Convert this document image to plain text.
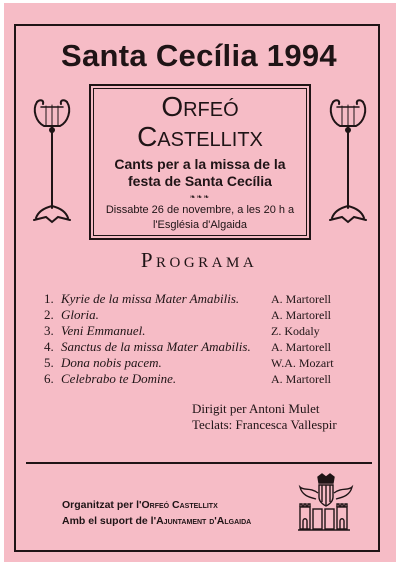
Santa Cecília 1994
Orfeó
Castellitx
Cants per a la missa de la
festa de Santa Cecília
❧❧❧
Dissabte 26 de novembre, a les 20 h a
l'Església d'Algaida
Programa
1. Kyrie de la missa Mater Amabilis.	A. Martorell
2. Gloria.	A. Martorell
3. Veni Emmanuel.	Z. Kodaly
4. Sanctus de la missa Mater Amabilis. A. Martorell
5. Dona nobis pacem.	W.A. Mozart
6. Celebrabo te Domine.	A. Martorell
Dirigit per Antoni Mulet
Teclats: Francesca Vallespir
Organitzat per l'Orfeó Castellitx
Amb el suport de l'Ajuntament d'Algaida
